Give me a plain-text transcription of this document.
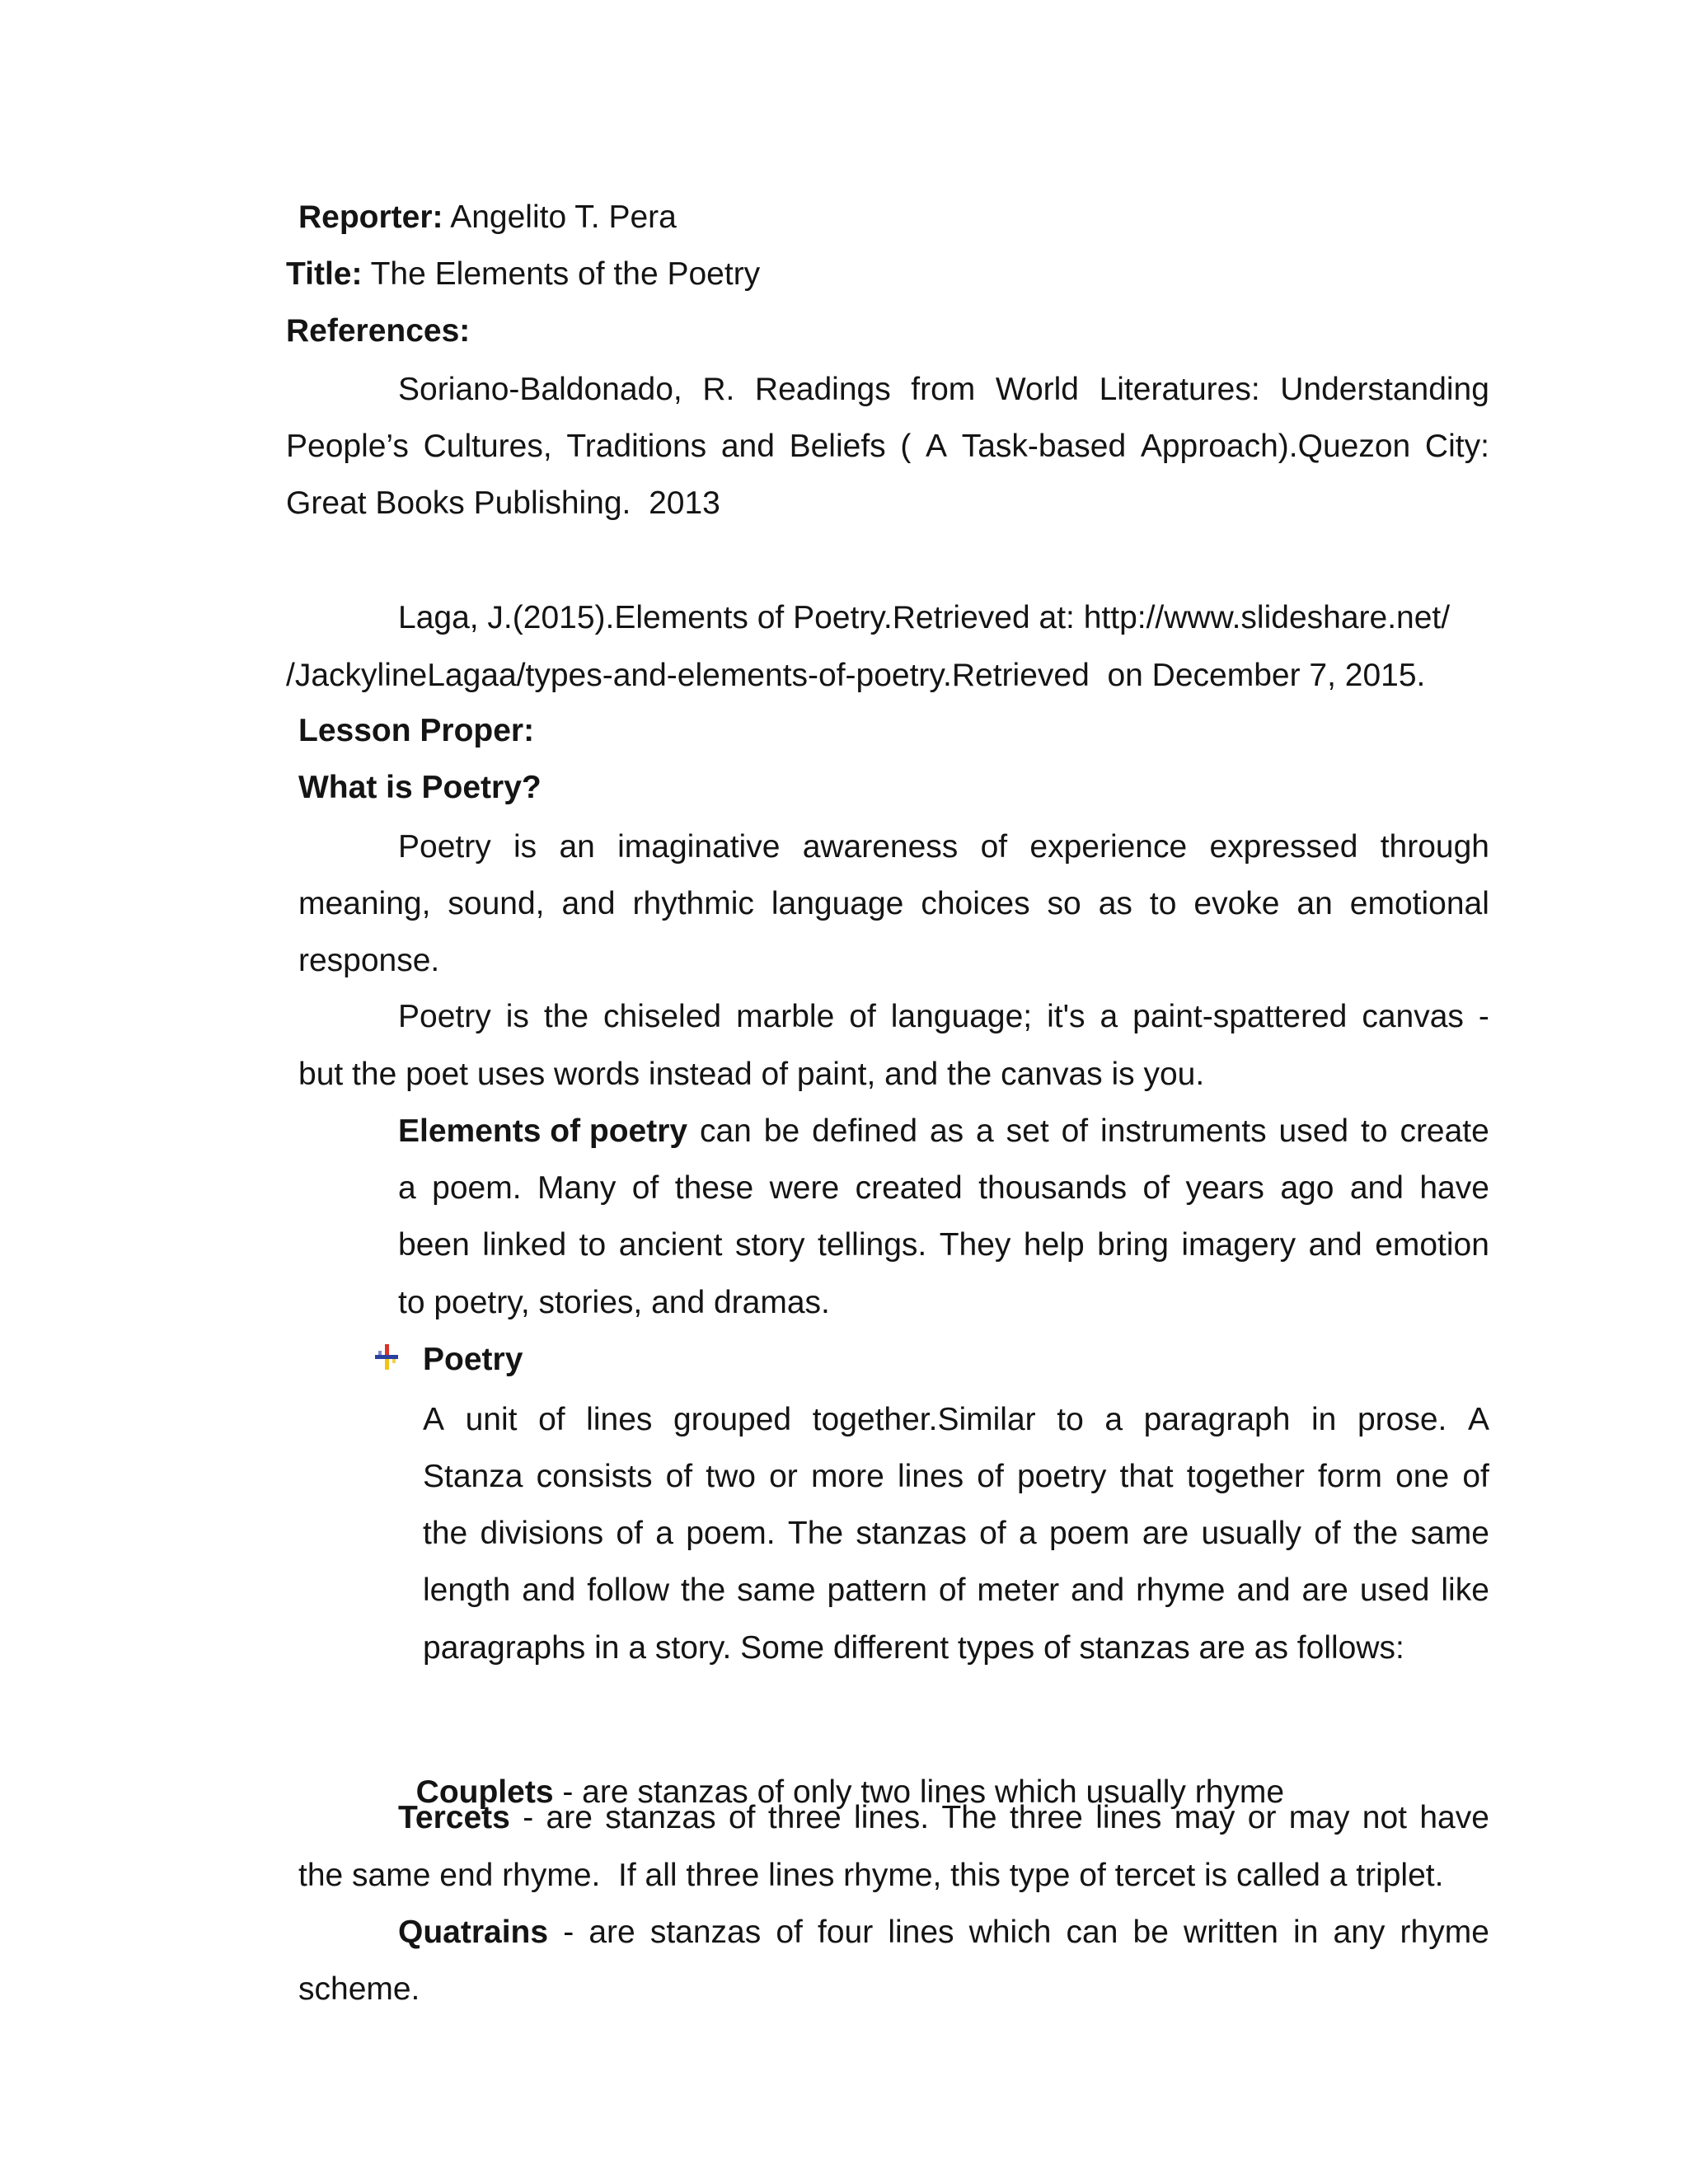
Reporter: Angelito T. Pera
Title: The Elements of the Poetry
References:
Soriano-Baldonado, R. Readings from World Literatures: Understanding
People’s Cultures, Traditions and Beliefs ( A Task-based Approach).Quezon City:
Great Books Publishing.  2013
Laga, J.(2015).Elements of Poetry.Retrieved at: http://www.slideshare.net/
/JackylineLagaa/types-and-elements-of-poetry.Retrieved  on December 7, 2015.
Lesson Proper:
What is Poetry?
Poetry is an imaginative awareness of experience expressed through
meaning, sound, and rhythmic language choices so as to evoke an emotional
response.
Poetry is the chiseled marble of language; it's a paint-spattered canvas -
but the poet uses words instead of paint, and the canvas is you.
Elements of poetry can be defined as a set of instruments used to create
a poem. Many of these were created thousands of years ago and have
been linked to ancient story tellings. They help bring imagery and emotion
to poetry, stories, and dramas.
Poetry
A unit of lines grouped together.Similar to a paragraph in prose. A
Stanza consists of two or more lines of poetry that together form one of
the divisions of a poem. The stanzas of a poem are usually of the same
length and follow the same pattern of meter and rhyme and are used like
paragraphs in a story. Some different types of stanzas are as follows:

Couplets - are stanzas of only two lines which usually rhyme

Tercets - are stanzas of three lines. The three lines may or may not have
the same end rhyme.  If all three lines rhyme, this type of tercet is called a triplet.
Quatrains - are stanzas of four lines which can be written in any rhyme
scheme.
